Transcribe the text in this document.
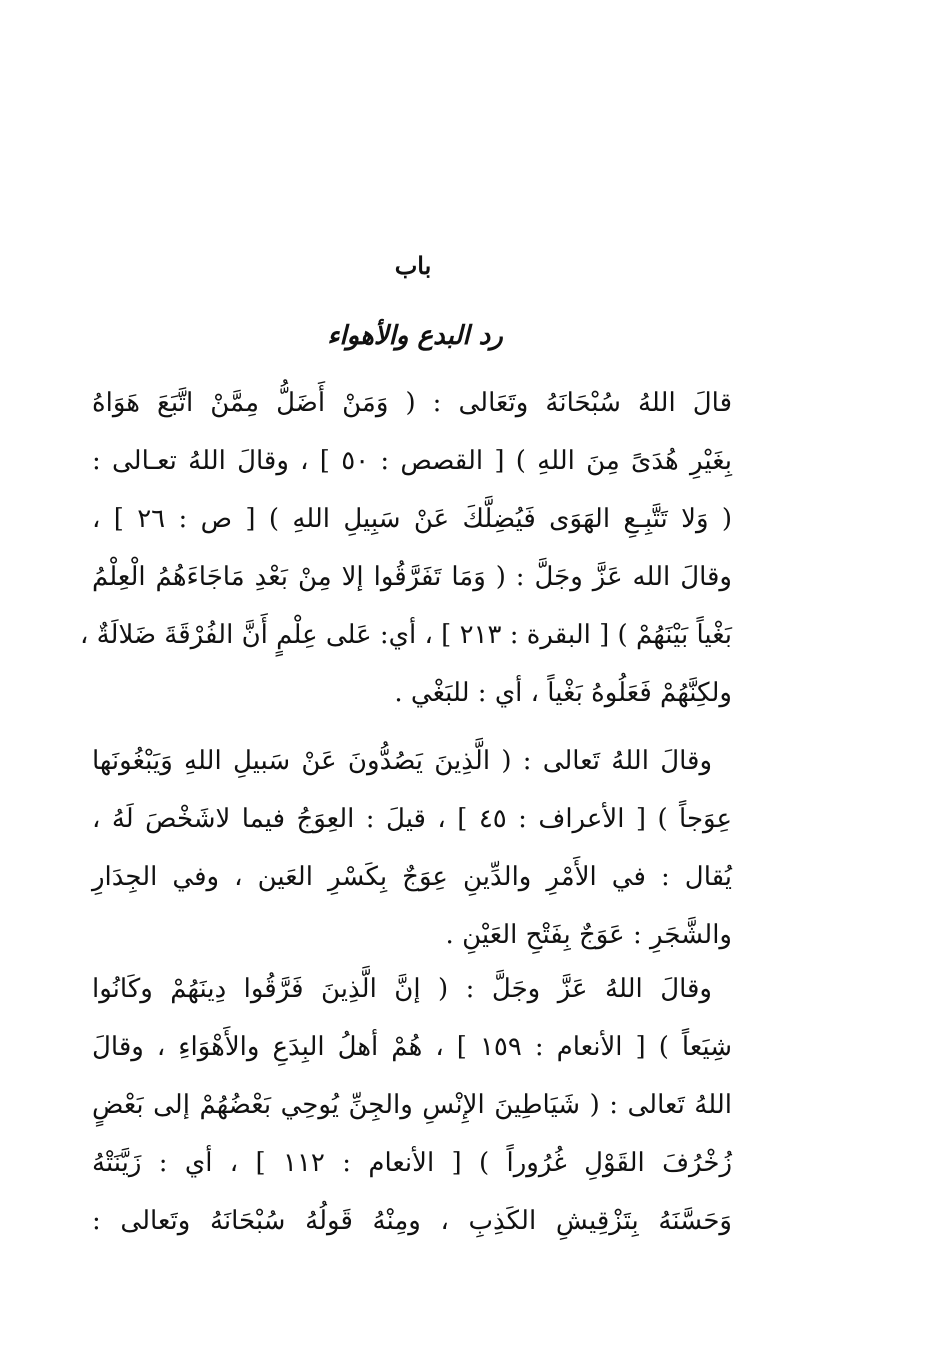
باب
رد البدع والأهواء
قالَ اللهُ سُبْحَانَهُ وتَعَالى : ( وَمَنْ أَضَلُّ مِمَّنْ اتَّبَعَ هَوَاهُ
بِغَيْرِ هُدَىً مِنَ اللهِ ) [ القصص : ٥٠ ] ، وقالَ اللهُ تعـالى :
( وَلا تَتَّبِـعِ الهَوَى فَيُضِلَّكَ عَنْ سَبِيلِ اللهِ ) [ ص : ٢٦ ] ،
وقالَ الله عَزَّ وجَلَّ : ( وَمَا تَفَرَّقُوا إلا مِنْ بَعْدِ مَاجَاءَهُمُ الْعِلْمُ
بَغْياً بَيْنَهُمْ ) [ البقرة : ٢١٣ ] ، أي: عَلى عِلْمٍ أَنَّ الفُرْقَةَ ضَلالَةٌ ،
ولكِنَّهُمْ فَعَلُوهُ بَغْياً ، أي : للبَغْي .
وقالَ اللهُ تَعالى : ( الَّذِينَ يَصُدُّونَ عَنْ سَبيلِ اللهِ وَيَبْغُونَها
عِوَجاً ) [ الأعراف : ٤٥ ] ، قيلَ : العِوَجُ فيما لاشَخْصَ لَهُ ،
يُقال : في الأَمْرِ والدِّينِ عِوَجٌ بِكَسْرِ العَين ، وفي الجِدَارِ
والشَّجَرِ : عَوَجٌ بِفَتْحِ العَيْنِ .
وقالَ اللهُ عَزَّ وجَلَّ : ( إنَّ الَّذِينَ فَرَّقُوا دِينَهُمْ وكَانُوا
شِيَعاً ) [ الأنعام : ١٥٩ ] ، هُمْ أهلُ البِدَعِ والأَهْوَاءِ ، وقالَ
اللهُ تَعالى : ( شَيَاطِينَ الإِنْسِ والجِنِّ يُوحِي بَعْضُهُمْ إلى بَعْضٍ
زُخْرُفَ القَوْلِ غُرُوراً ) [ الأنعام : ١١٢ ] ، أي : زَيَّنَتْهُ
وَحَسَّنَهُ بِتَزْقِيشِ الكَذِبِ ، ومِنْهُ قَولُهُ سُبْحَانَهُ وتَعالى :
